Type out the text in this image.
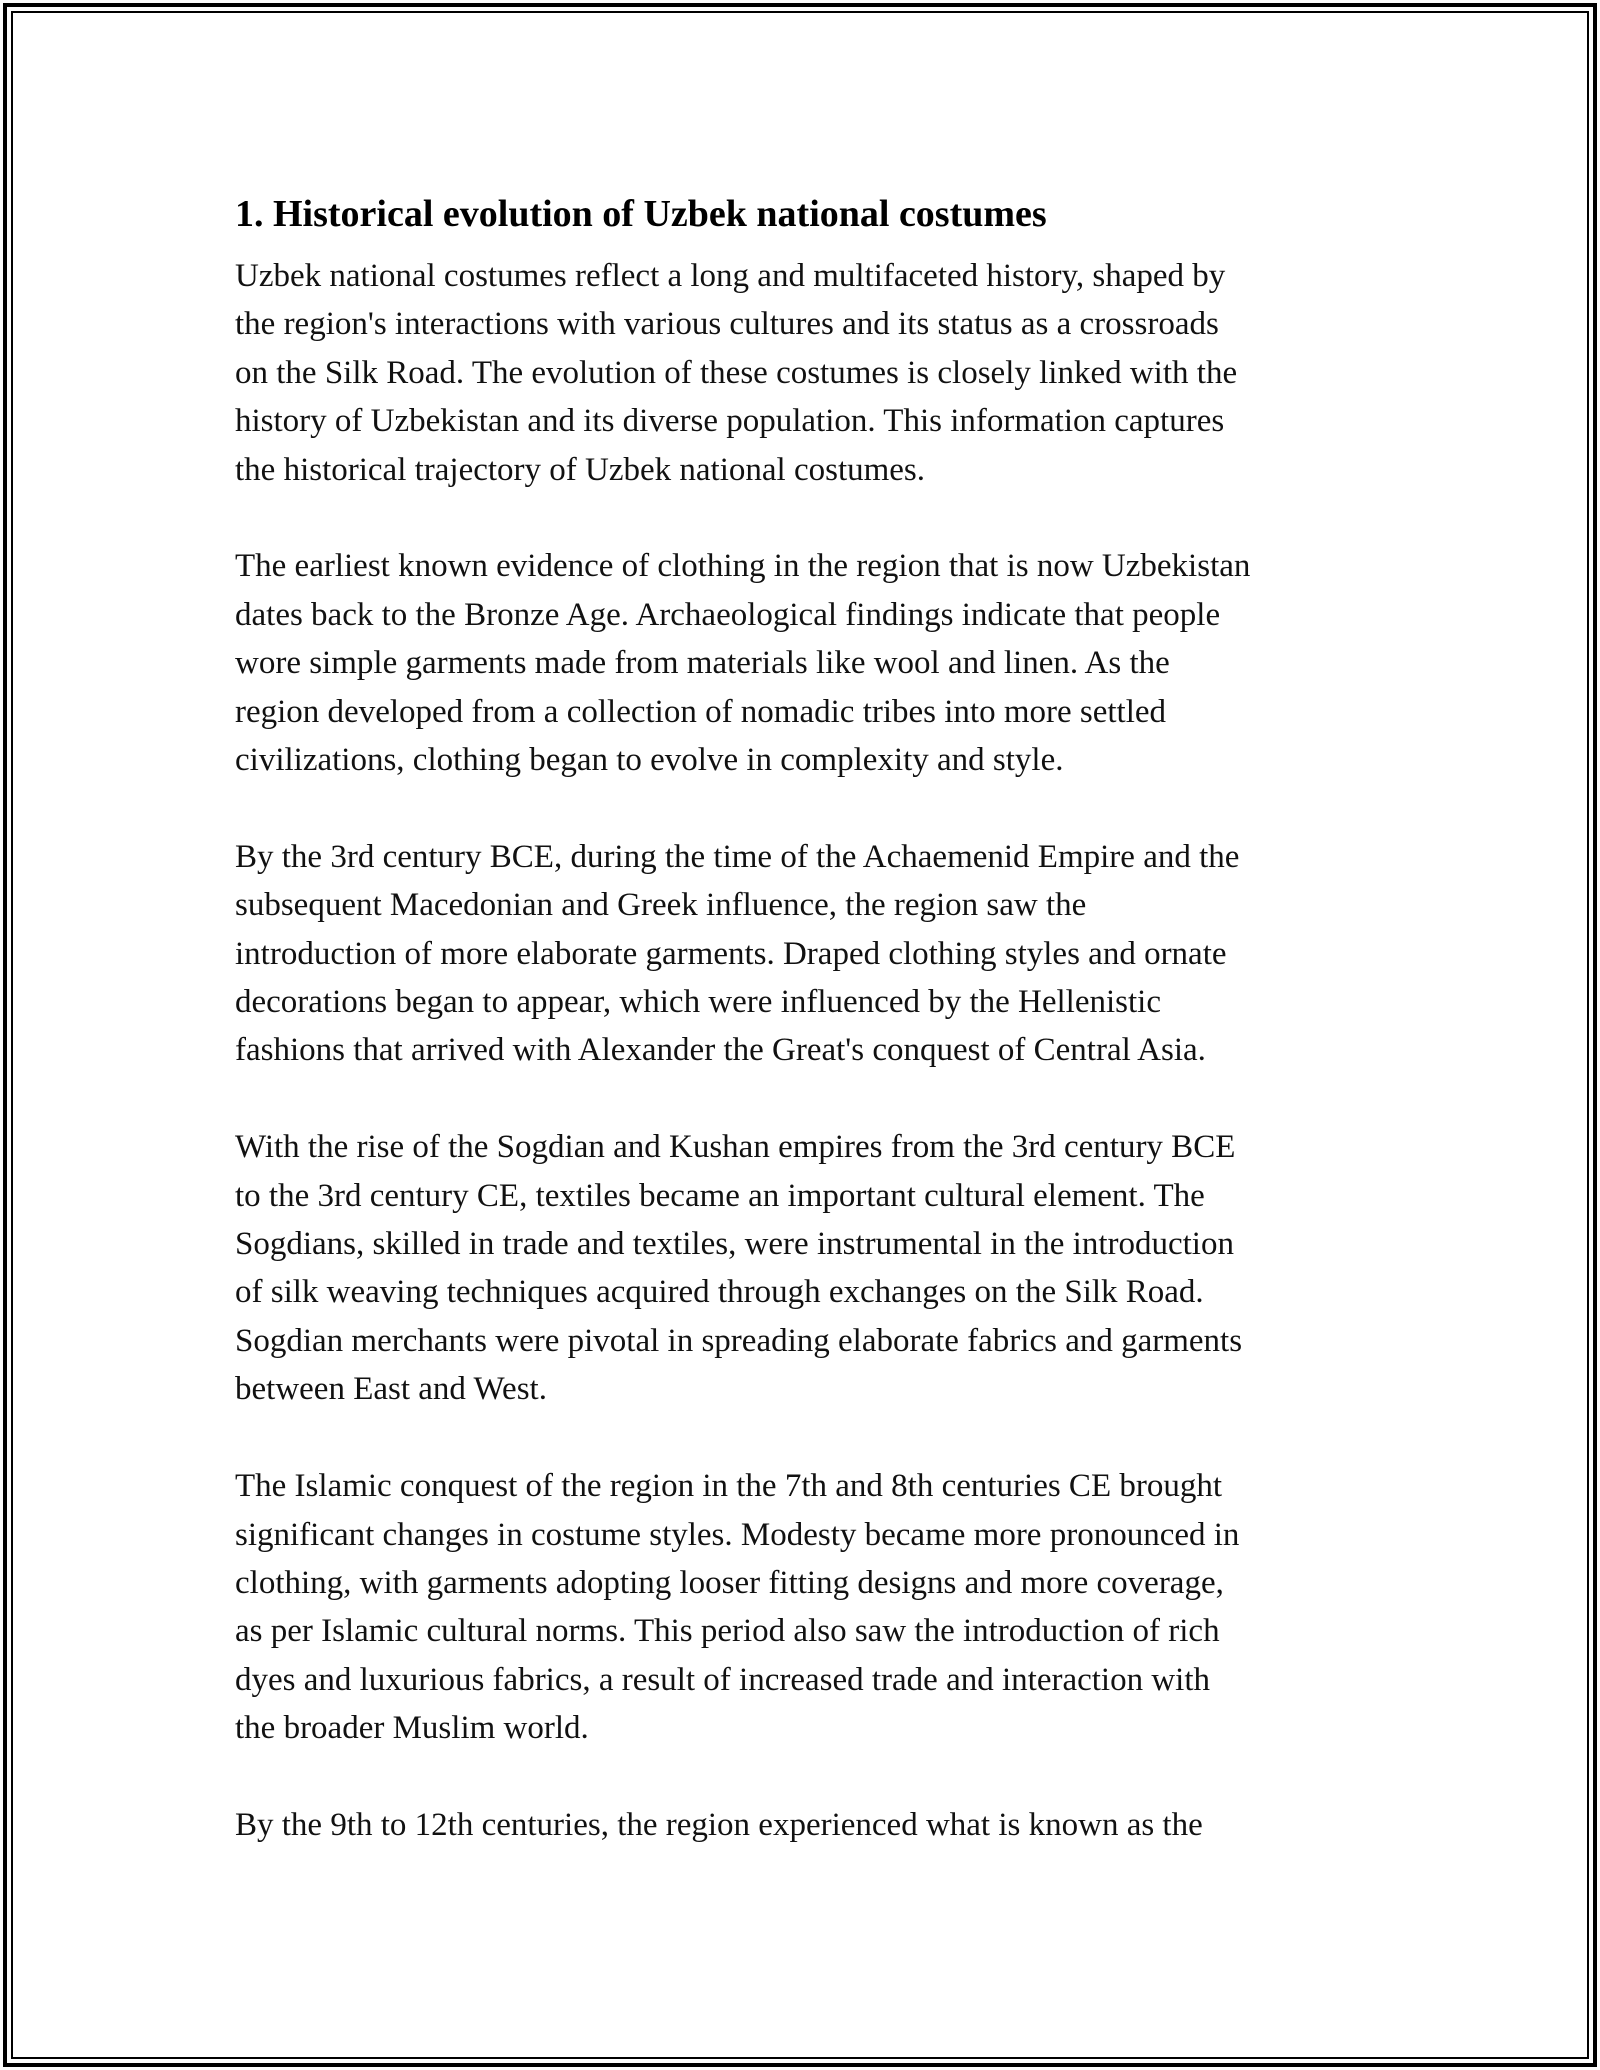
1. Historical evolution of Uzbek national costumes

Uzbek national costumes reflect a long and multifaceted history, shaped by
the region's interactions with various cultures and its status as a crossroads
on the Silk Road. The evolution of these costumes is closely linked with the
history of Uzbekistan and its diverse population. This information captures
the historical trajectory of Uzbek national costumes.

The earliest known evidence of clothing in the region that is now Uzbekistan
dates back to the Bronze Age. Archaeological findings indicate that people
wore simple garments made from materials like wool and linen. As the
region developed from a collection of nomadic tribes into more settled
civilizations, clothing began to evolve in complexity and style.

By the 3rd century BCE, during the time of the Achaemenid Empire and the
subsequent Macedonian and Greek influence, the region saw the
introduction of more elaborate garments. Draped clothing styles and ornate
decorations began to appear, which were influenced by the Hellenistic
fashions that arrived with Alexander the Great's conquest of Central Asia.

With the rise of the Sogdian and Kushan empires from the 3rd century BCE
to the 3rd century CE, textiles became an important cultural element. The
Sogdians, skilled in trade and textiles, were instrumental in the introduction
of silk weaving techniques acquired through exchanges on the Silk Road.
Sogdian merchants were pivotal in spreading elaborate fabrics and garments
between East and West.

The Islamic conquest of the region in the 7th and 8th centuries CE brought
significant changes in costume styles. Modesty became more pronounced in
clothing, with garments adopting looser fitting designs and more coverage,
as per Islamic cultural norms. This period also saw the introduction of rich
dyes and luxurious fabrics, a result of increased trade and interaction with
the broader Muslim world.

By the 9th to 12th centuries, the region experienced what is known as the
